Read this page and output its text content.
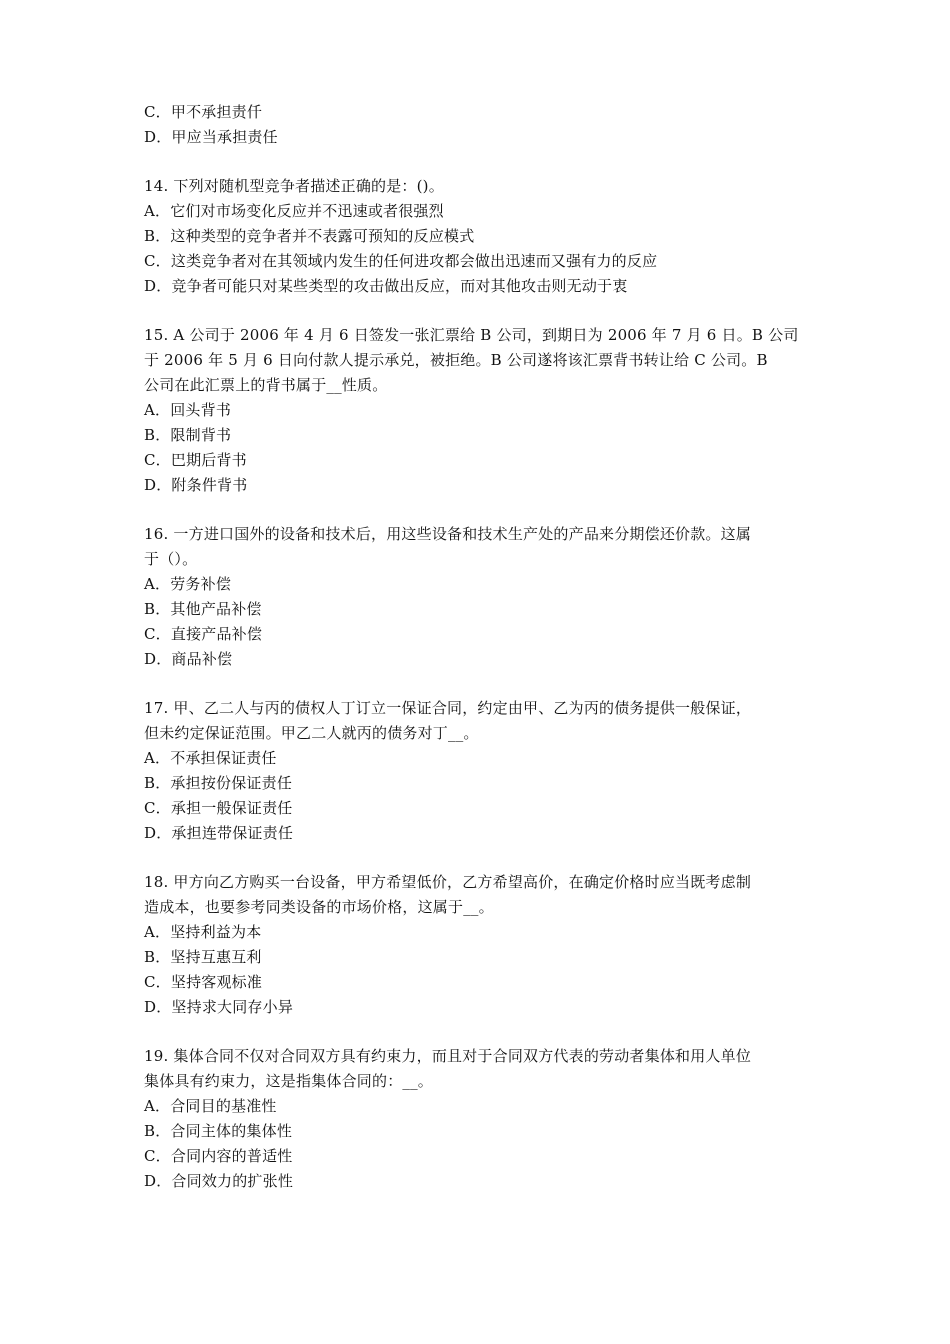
C．甲不承担责仟
D．甲应当承担责任
14. 下列对随机型竞争者描述正确的是：()。
A．它们对市场变化反应并不迅速或者很强烈
B．这种类型的竞争者并不表露可预知的反应模式
C．这类竞争者对在其领域内发生的任何进攻都会做出迅速而又强有力的反应
D．竞争者可能只对某些类型的攻击做出反应，而对其他攻击则无动于衷
15. A 公司于 2006 年 4 月 6 日签发一张汇票给 B 公司，到期日为 2006 年 7 月 6 日。B 公司
于 2006 年 5 月 6 日向付款人提示承兑，被拒绝。B 公司遂将该汇票背书转让给 C 公司。B
公司在此汇票上的背书属于__性质。
A．回头背书
B．限制背书
C．巴期后背书
D．附条件背书
16. 一方进口国外的设备和技术后，用这些设备和技术生产处的产品来分期偿还价款。这属
于（）。
A．劳务补偿
B．其他产品补偿
C．直接产品补偿
D．商品补偿
17. 甲、乙二人与丙的债权人丁订立一保证合同，约定由甲、乙为丙的债务提供一般保证，
但未约定保证范围。甲乙二人就丙的债务对丁__。
A．不承担保证责任
B．承担按份保证责任
C．承担一般保证责任
D．承担连带保证责任
18. 甲方向乙方购买一台设备，甲方希望低价，乙方希望高价，在确定价格时应当既考虑制
造成本，也要参考同类设备的市场价格，这属于__。
A．坚持利益为本
B．坚持互惠互利
C．坚持客观标准
D．坚持求大同存小异
19. 集体合同不仅对合同双方具有约束力，而且对于合同双方代表的劳动者集体和用人单位
集体具有约束力，这是指集体合同的：__。
A．合同目的基准性
B．合同主体的集体性
C．合同内容的普适性
D．合同效力的扩张性
